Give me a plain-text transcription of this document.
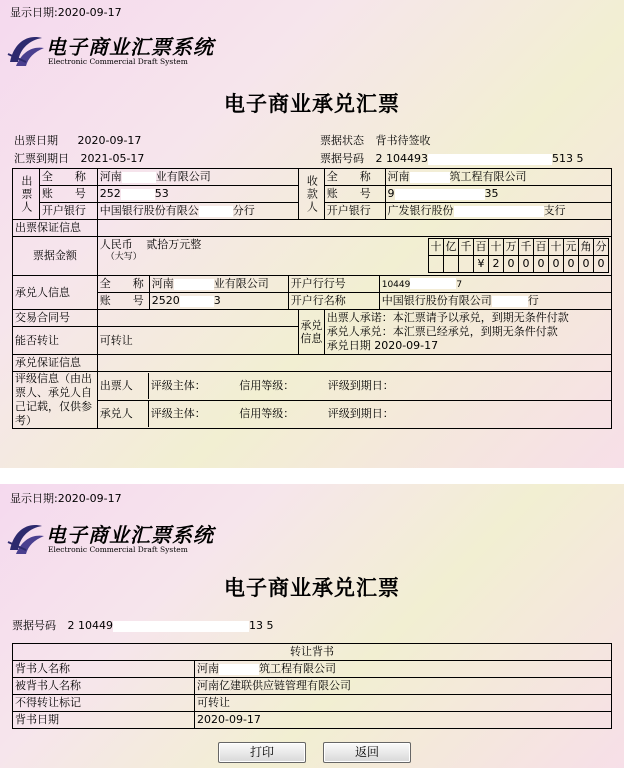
显示日期:2020-09-17
电子商业汇票系统
Electronic Commercial Draft System
电子商业承兑汇票
出票日期 2020-09-17
汇票到期日 2021-05-17
票据状态 背书待签收
票据号码 2 104493	513 5
出票人	全　　称	河南	业有限公司	收款人	全　　称	河南	筑工程有限公司
账　　号	252	53	账　　号	9	35
开户银行	中国银行股份有限公	分行	开户银行	广发银行股份	支行
出票保证信息	
票据金额	
人民币 贰拾万元整
（大写）
十	亿	千	百	十	万	千	百	十	元	角	分
			¥	2	0	0	0	0	0	0	0

承兑人信息	
全　　称	河南	业有限公司	开户行行号	10449	7

账　　号	2520	3	开户行名称	中国银行股份有限公司	行

交易合同号		承兑信息	
出票人承诺：本汇票请予以承兑，到期无条件付款
承兑人承兑：本汇票已经承兑，到期无条件付款
承兑日期 2020-09-17

能否转让	可转让
承兑保证信息	
评级信息（由出票人、承兑人自己记载，仅供参考）	
出票人	评级主体：	信用等级：	评级到期日：

承兑人	评级主体：	信用等级：	评级到期日：
显示日期:2020-09-17
电子商业汇票系统
Electronic Commercial Draft System
电子商业承兑汇票
票据号码 2 10449	13 5
转让背书	
背书人名称	河南 筑工程有限公司
被背书人名称	河南亿建联供应链管理有限公司
不得转让标记	可转让
背书日期	2020-09-17
打印	返回
